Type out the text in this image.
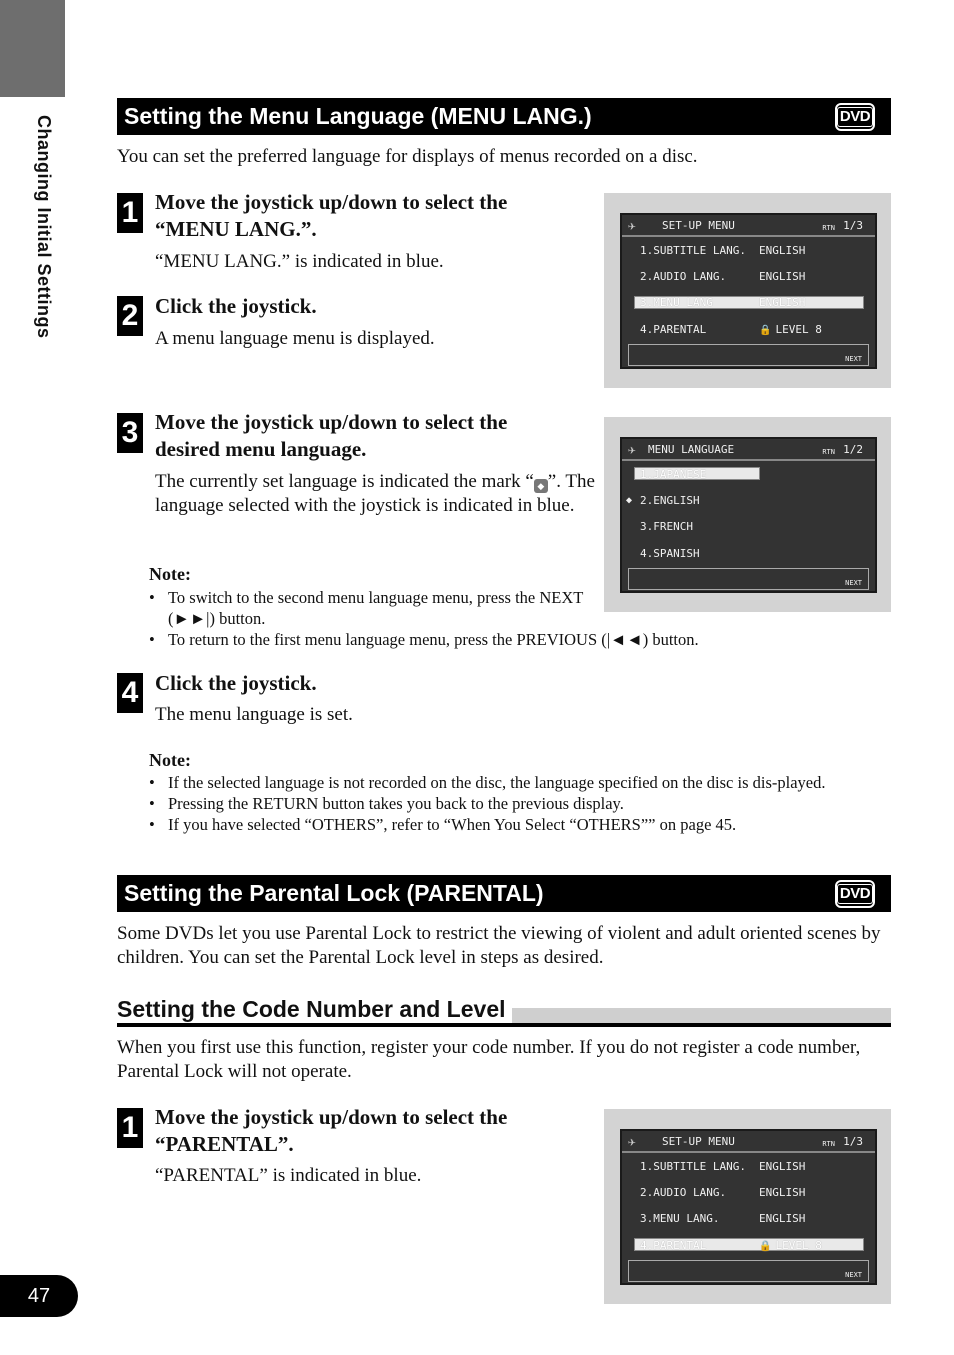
Changing Initial Settings
47
Setting the Menu Language (MENU LANG.)	DVD
You can set the preferred language for displays of menus recorded on a disc.
1 Move the joystick up/down to select the “MENU LANG.”.
“MENU LANG.” is indicated in blue.
2 Click the joystick.
A menu language menu is displayed.
✈ SET-UP MENU	RTN 1/3
1.SUBTITLE LANG. ENGLISH
2.AUDIO LANG.	ENGLISH
3.MENU LANG	ENGLISH
4.PARENTAL	🔒 LEVEL 8
NEXT
3 Move the joystick up/down to select the desired menu language.
The currently set language is indicated the mark “ ◆ ”. The language selected with the joystick is indicated in blue.
✈ MENU LANGUAGE	RTN 1/2
1.JAPANESE
◆ 2.ENGLISH
3.FRENCH
4.SPANISH
NEXT
Note:
• To switch to the second menu language menu, press the NEXT (►►|) button.
• To return to the first menu language menu, press the PREVIOUS (|◄◄) button.
4 Click the joystick.
The menu language is set.
Note:
• If the selected language is not recorded on the disc, the language specified on the disc is dis-played.
• Pressing the RETURN button takes you back to the previous display.
• If you have selected “OTHERS”, refer to “When You Select “OTHERS”” on page 45.
Setting the Parental Lock (PARENTAL)	DVD
Some DVDs let you use Parental Lock to restrict the viewing of violent and adult oriented scenes by children. You can set the Parental Lock level in steps as desired.
Setting the Code Number and Level
When you first use this function, register your code number. If you do not register a code number, Parental Lock will not operate.
1 Move the joystick up/down to select the “PARENTAL”.
“PARENTAL” is indicated in blue.
✈ SET-UP MENU	RTN 1/3
1.SUBTITLE LANG. ENGLISH
2.AUDIO LANG.	ENGLISH
3.MENU LANG.	ENGLISH
4.PARENTAL	🔒 LEVEL 8
NEXT
